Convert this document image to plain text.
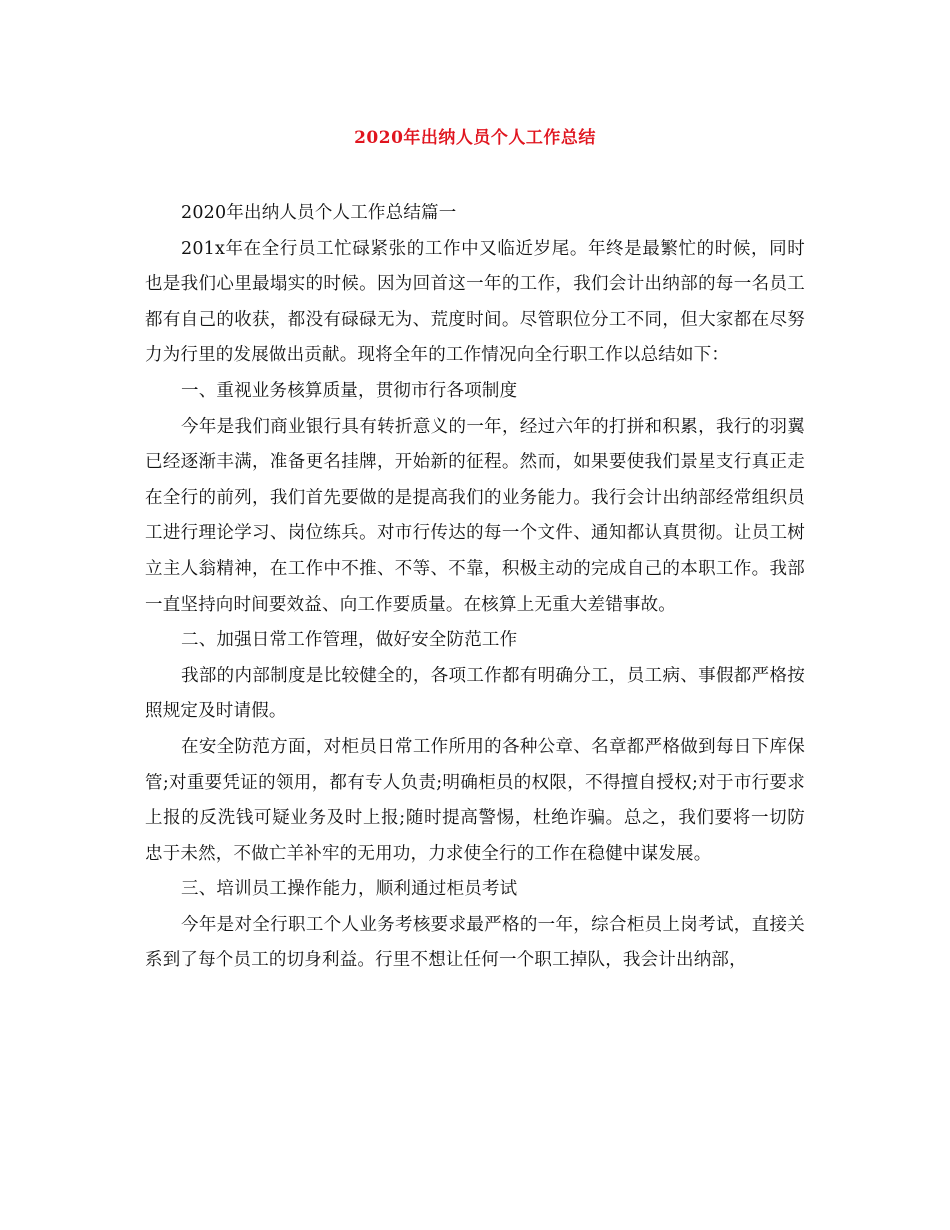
2020年出纳人员个人工作总结

2020年出纳人员个人工作总结篇一

201x年在全行员工忙碌紧张的工作中又临近岁尾。年终是最繁忙的时候，同时也是我们心里最塌实的时候。因为回首这一年的工作，我们会计出纳部的每一名员工都有自己的收获，都没有碌碌无为、荒度时间。尽管职位分工不同，但大家都在尽努力为行里的发展做出贡献。现将全年的工作情况向全行职工作以总结如下：

一、重视业务核算质量，贯彻市行各项制度

今年是我们商业银行具有转折意义的一年，经过六年的打拼和积累，我行的羽翼已经逐渐丰满，准备更名挂牌，开始新的征程。然而，如果要使我们景星支行真正走在全行的前列，我们首先要做的是提高我们的业务能力。我行会计出纳部经常组织员工进行理论学习、岗位练兵。对市行传达的每一个文件、通知都认真贯彻。让员工树立主人翁精神，在工作中不推、不等、不靠，积极主动的完成自己的本职工作。我部一直坚持向时间要效益、向工作要质量。在核算上无重大差错事故。

二、加强日常工作管理，做好安全防范工作

我部的内部制度是比较健全的，各项工作都有明确分工，员工病、事假都严格按照规定及时请假。

在安全防范方面，对柜员日常工作所用的各种公章、名章都严格做到每日下库保管;对重要凭证的领用，都有专人负责;明确柜员的权限，不得擅自授权;对于市行要求上报的反洗钱可疑业务及时上报;随时提高警惕，杜绝诈骗。总之，我们要将一切防忠于未然，不做亡羊补牢的无用功，力求使全行的工作在稳健中谋发展。

三、培训员工操作能力，顺利通过柜员考试

今年是对全行职工个人业务考核要求最严格的一年，综合柜员上岗考试，直接关系到了每个员工的切身利益。行里不想让任何一个职工掉队，我会计出纳部，
